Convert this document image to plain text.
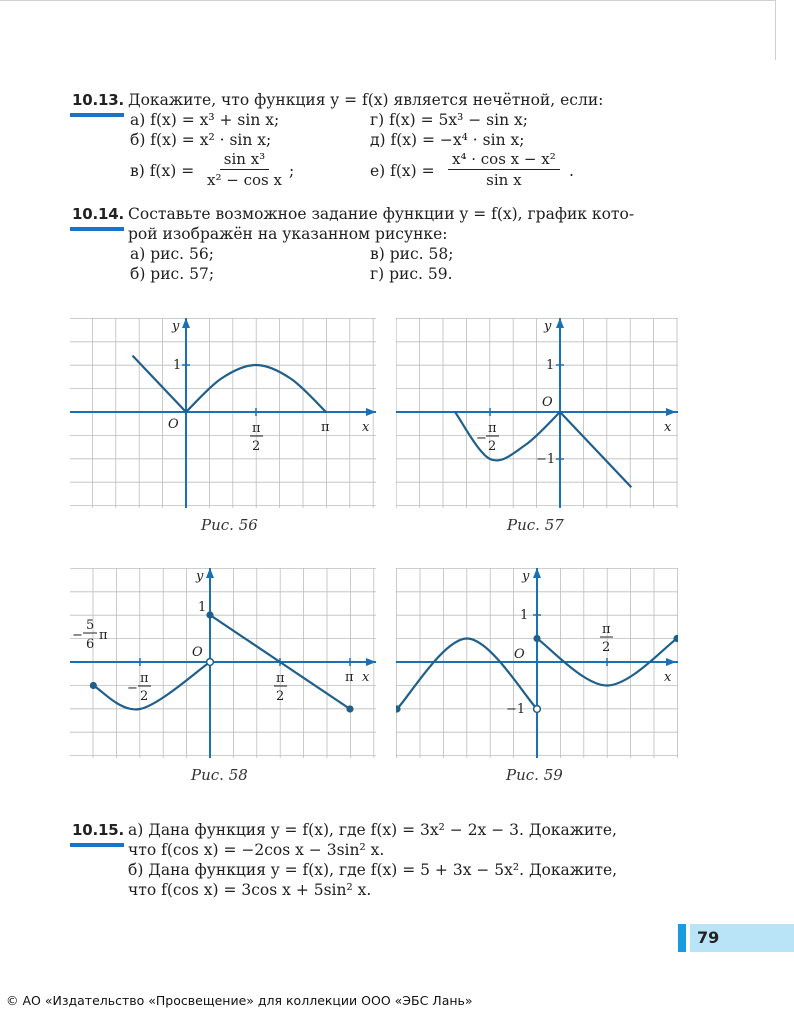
10.13. Докажите, что функция y = f(x) является нечётной, если:
а) f(x) = x³ + sin x;	г) f(x) = 5x³ − sin x;
б) f(x) = x² · sin x;	д) f(x) = −x⁴ · sin x;
в) $f(x) = \frac{\text{sin x³}}{\text{x² − cos x}}$ ;	е) $f(x) = \frac{\text{x⁴ · cos x − x²}}{\text{sin x}}$ .
10.14. Составьте возможное задание функции y = f(x), график кото-
рой изображён на указанном рисунке:
а) рис. 56;	в) рис. 58;
б) рис. 57;	г) рис. 59.
y
x
O
1
π
π
2
Рис. 56
y
x
O
1
−1
−
π
2
Рис. 57
y
x
O
1
π
π
2
−
π
2
−
5
6
π
Рис. 58
y
x
O
1
−1
π
2
Рис. 59
10.15. а) Дана функция y = f(x), где f(x) = 3x² − 2x − 3. Докажите,
что f(cos x) = −2cos x − 3sin² x.
б) Дана функция y = f(x), где f(x) = 5 + 3x − 5x². Докажите,
что f(cos x) = 3cos x + 5sin² x.
79
© АО «Издательство «Просвещение» для коллекции ООО «ЭБС Лань»
